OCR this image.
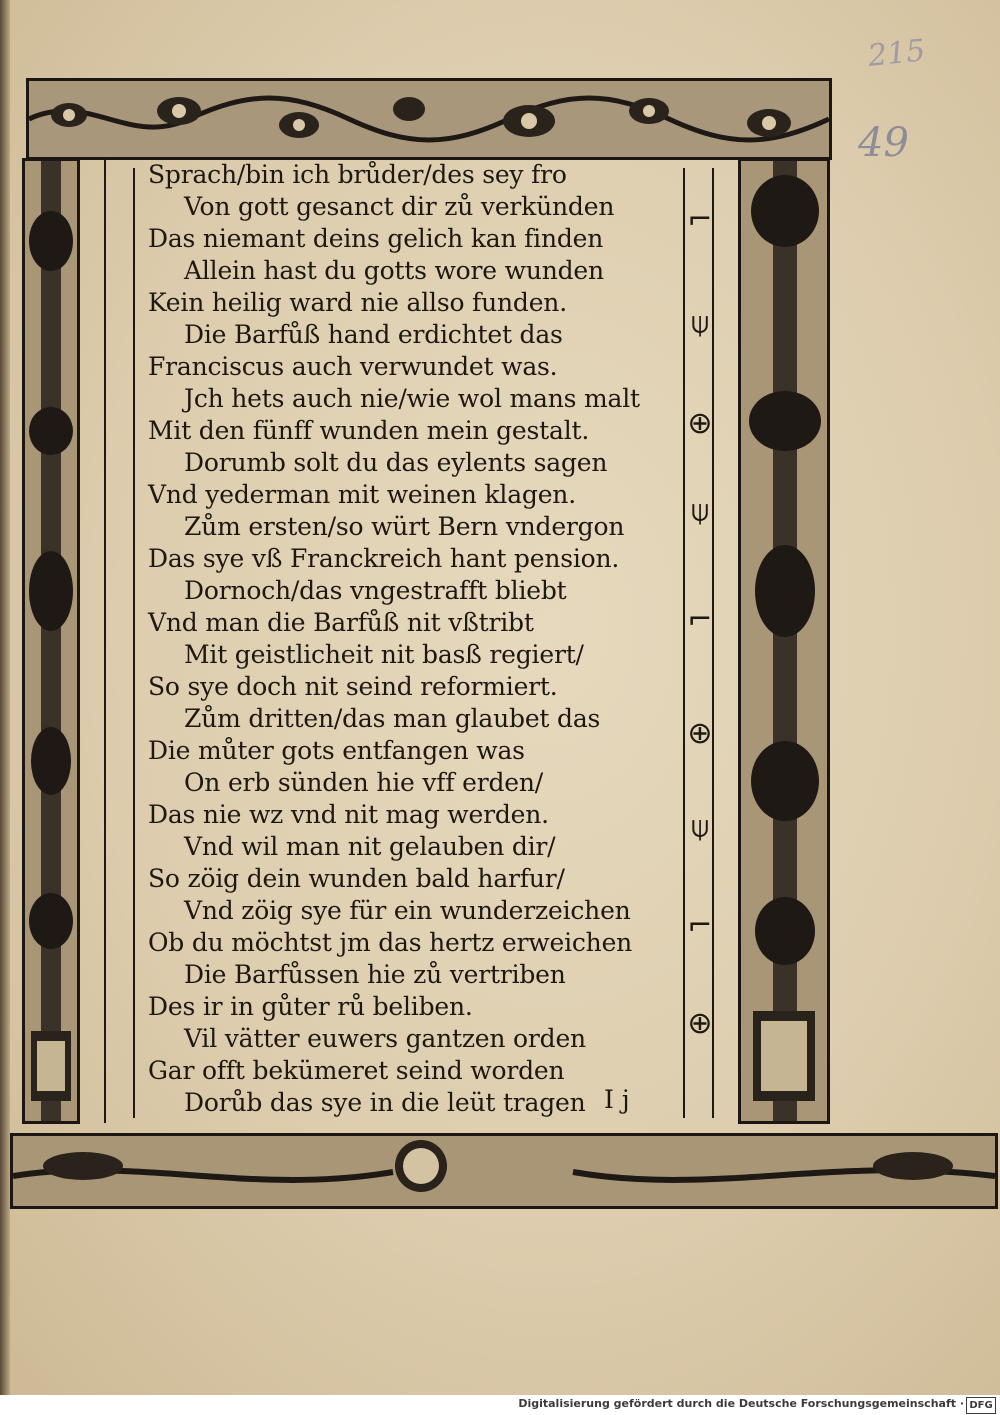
215
49
Sprach/bin ich brůder/des sey fro
Von gott gesanct dir zů verkünden
Das niemant deins gelich kan finden
Allein hast du gotts wore wunden
Kein heilig ward nie allso funden.
Die Barfůß hand erdichtet das
Franciscus auch verwundet was.
Jch hets auch nie/wie wol mans malt
Mit den fünff wunden mein gestalt.
Dorumb solt du das eylents sagen
Vnd yederman mit weinen klagen.
Zům ersten/so würt Bern vndergon
Das sye vß Franckreich hant pension.
Dornoch/das vngestrafft bliebt
Vnd man die Barfůß nit vßtribt
Mit geistlicheit nit basß regiert/
So sye doch nit seind reformiert.
Zům dritten/das man glaubet das
Die můter gots entfangen was
On erb sünden hie vff erden/
Das nie wz vnd nit mag werden.
Vnd wil man nit gelauben dir/
So zöig dein wunden bald harfur/
Vnd zöig sye für ein wunderzeichen
Ob du möchtst jm das hertz erweichen
Die Barfůssen hie zů vertriben
Des ir in gůter rů beliben.
Vil vätter euwers gantzen orden
Gar offt bekümeret seind worden
Dorůb das sye in die leüt tragen I j
⌐
⍦
⊕
⍦
⌐
⊕
⍦
⌐
⊕
Digitalisierung gefördert durch die Deutsche Forschungsgemeinschaft · DFG
